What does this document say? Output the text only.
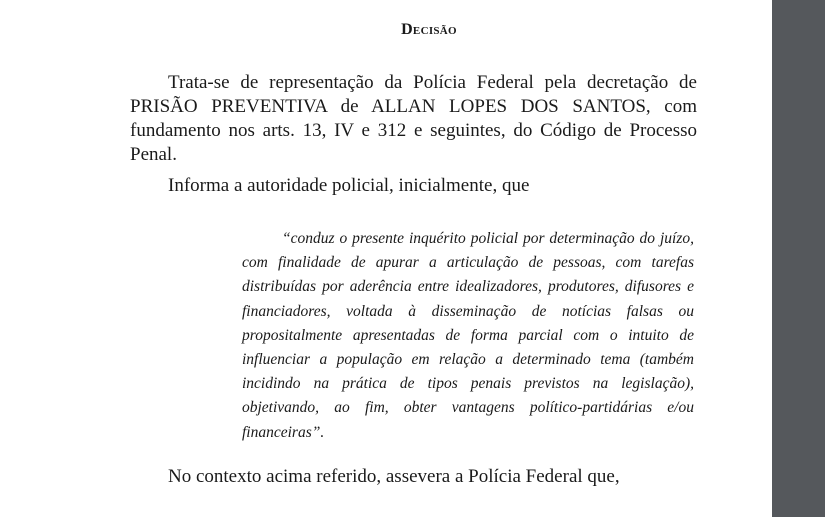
Decisão

Trata-se de representação da Polícia Federal pela decretação de PRISÃO PREVENTIVA de ALLAN LOPES DOS SANTOS, com fundamento nos arts. 13, IV e 312 e seguintes, do Código de Processo Penal.

Informa a autoridade policial, inicialmente, que

“conduz o presente inquérito policial por determinação do juízo, com finalidade de apurar a articulação de pessoas, com tarefas distribuídas por aderência entre idealizadores, produtores, difusores e financiadores, voltada à disseminação de notícias falsas ou propositalmente apresentadas de forma parcial com o intuito de influenciar a população em relação a determinado tema (também incidindo na prática de tipos penais previstos na legislação), objetivando, ao fim, obter vantagens político-partidárias e/ou financeiras”.

No contexto acima referido, assevera a Polícia Federal que,
